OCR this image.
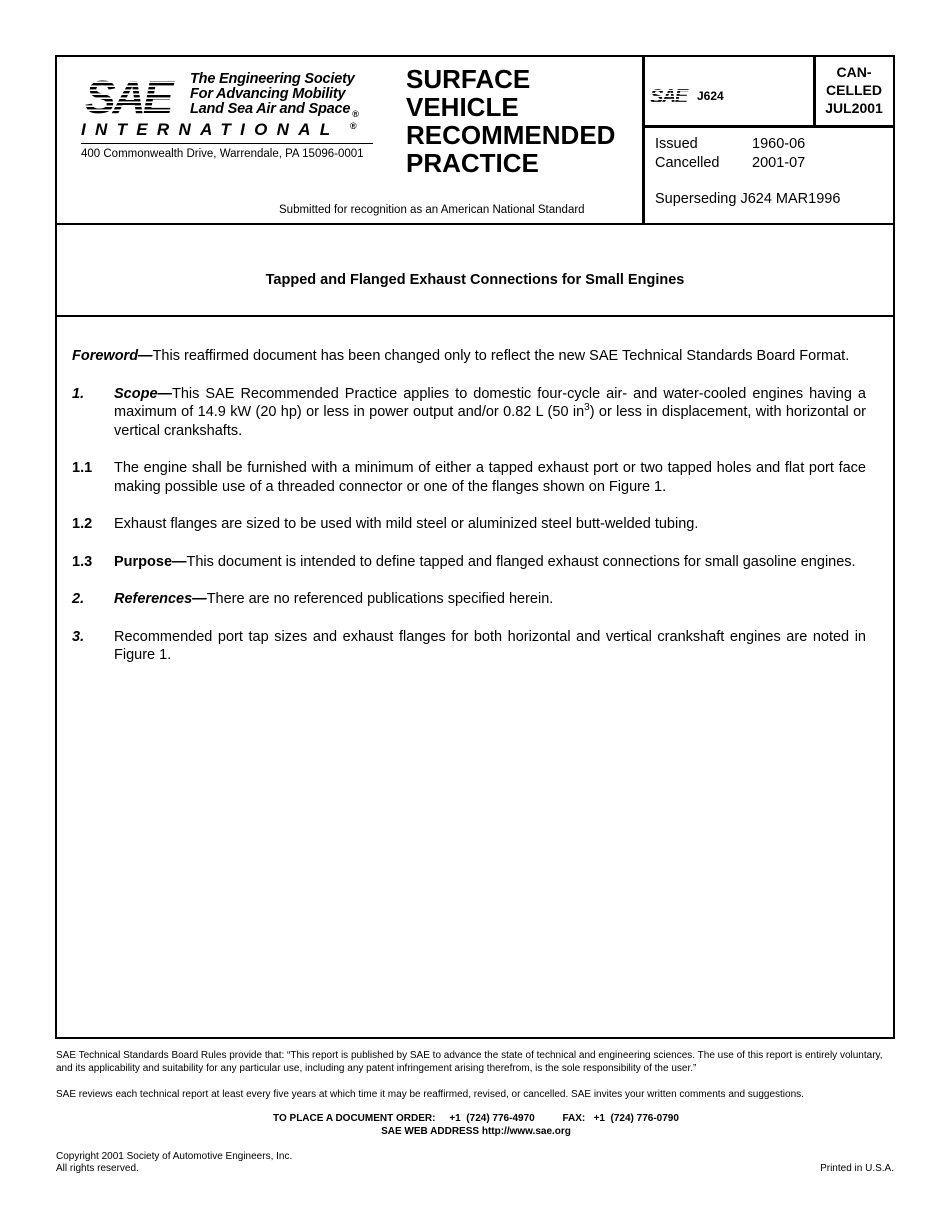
SAE The Engineering Society
For Advancing Mobility
Land Sea Air and Space $_®$
INTERNATIONAL ®
400 Commonwealth Drive, Warrendale, PA 15096-0001
SURFACE
VEHICLE
RECOMMENDED
PRACTICE
Submitted for recognition as an American National Standard
SAE J624
CAN-
CELLED
JUL2001
Issued	1960-06
Cancelled 2001-07
Superseding J624 MAR1996
Tapped and Flanged Exhaust Connections for Small Engines

Foreword—This reaffirmed document has been changed only to reflect the new SAE Technical Standards Board Format.

1. Scope—This SAE Recommended Practice applies to domestic four-cycle air- and water-cooled engines having a maximum of 14.9 kW (20 hp) or less in power output and/or 0.82 L (50 $in^3$) or less in displacement, with horizontal or vertical crankshafts.

1.1 The engine shall be furnished with a minimum of either a tapped exhaust port or two tapped holes and flat port face making possible use of a threaded connector or one of the flanges shown on Figure 1.

1.2 Exhaust flanges are sized to be used with mild steel or aluminized steel butt-welded tubing.

1.3 Purpose—This document is intended to define tapped and flanged exhaust connections for small gasoline engines.

2. References—There are no referenced publications specified herein.

3. Recommended port tap sizes and exhaust flanges for both horizontal and vertical crankshaft engines are noted in Figure 1.

SAE Technical Standards Board Rules provide that: “This report is published by SAE to advance the state of technical and engineering sciences. The use of this report is entirely voluntary, and its applicability and suitability for any particular use, including any patent infringement arising therefrom, is the sole responsibility of the user.”
SAE reviews each technical report at least every five years at which time it may be reaffirmed, revised, or cancelled. SAE invites your written comments and suggestions.
TO PLACE A DOCUMENT ORDER:     +1  (724) 776-4970          FAX:   +1  (724) 776-0790
SAE WEB ADDRESS http://www.sae.org
Copyright 2001 Society of Automotive Engineers, Inc.
All rights reserved.	Printed in U.S.A.
